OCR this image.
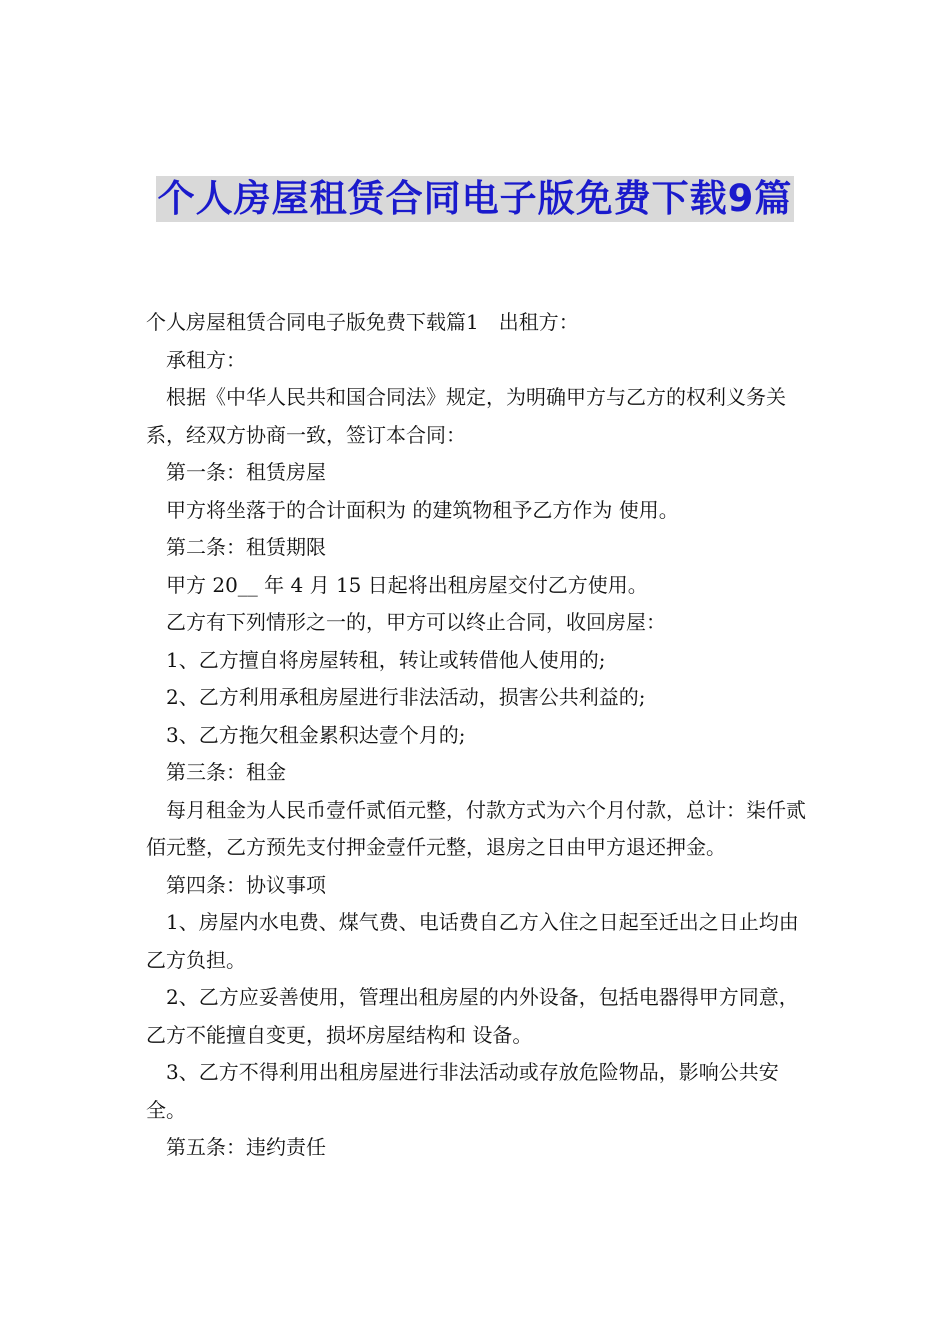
个人房屋租赁合同电子版免费下载9篇

个人房屋租赁合同电子版免费下载篇1　出租方：

承租方：

根据《中华人民共和国合同法》规定，为明确甲方与乙方的权利义务关系，经双方协商一致，签订本合同：

第一条：租赁房屋

甲方将坐落于的合计面积为 的建筑物租予乙方作为 使用。

第二条：租赁期限

甲方 20__ 年 4 月 15 日起将出租房屋交付乙方使用。

乙方有下列情形之一的，甲方可以终止合同，收回房屋：

1、乙方擅自将房屋转租，转让或转借他人使用的;

2、乙方利用承租房屋进行非法活动，损害公共利益的;

3、乙方拖欠租金累积达壹个月的;

第三条：租金

每月租金为人民币壹仟贰佰元整，付款方式为六个月付款，总计：柒仟贰佰元整，乙方预先支付押金壹仟元整，退房之日由甲方退还押金。

第四条：协议事项

1、房屋内水电费、煤气费、电话费自乙方入住之日起至迁出之日止均由 乙方负担。

2、乙方应妥善使用，管理出租房屋的内外设备，包括电器得甲方同意，乙方不能擅自变更，损坏房屋结构和 设备。

3、乙方不得利用出租房屋进行非法活动或存放危险物品，影响公共安全。

第五条：违约责任
